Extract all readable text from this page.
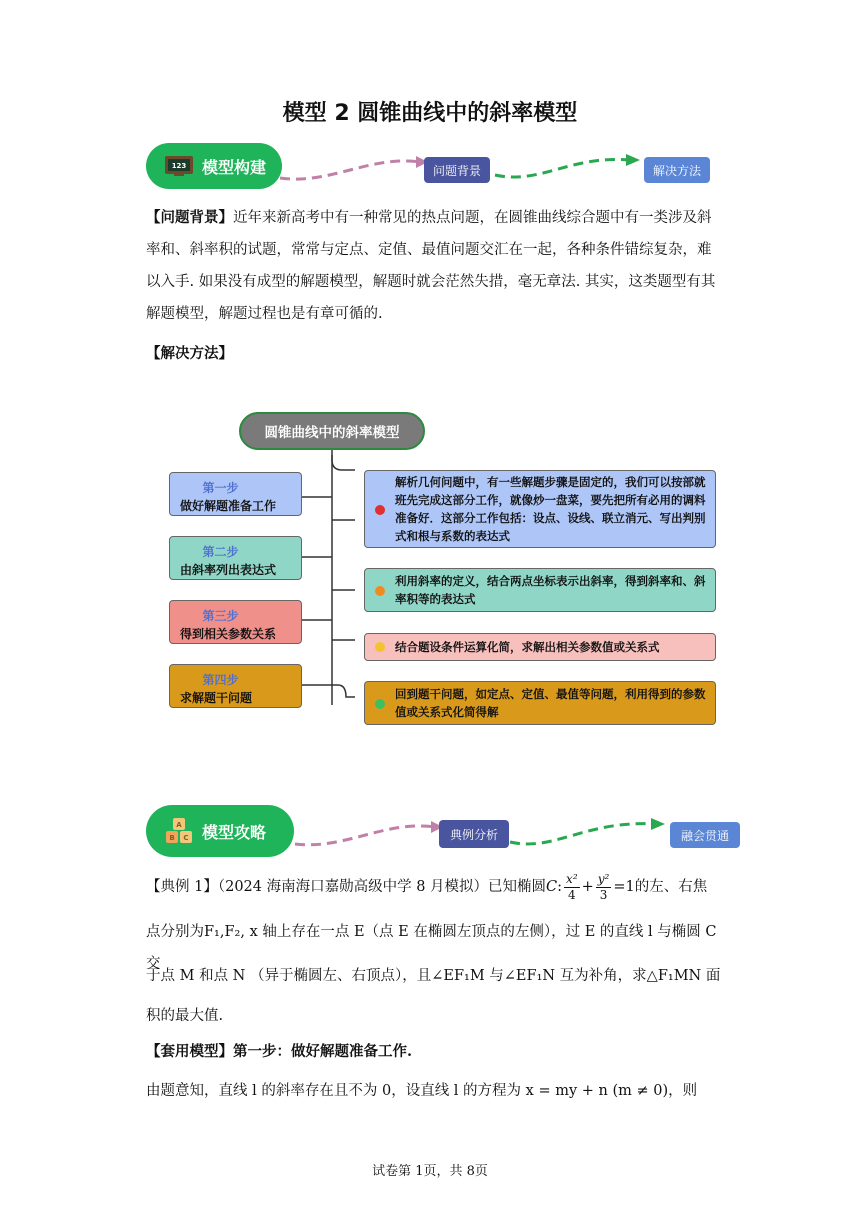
模型 2 圆锥曲线中的斜率模型
123 模型构建	问题背景	解决方法
【问题背景】近年来新高考中有一种常见的热点问题，在圆锥曲线综合题中有一类涉及斜率和、斜率积的试题，常常与定点、定值、最值问题交汇在一起，各种条件错综复杂，难以入手. 如果没有成型的解题模型，解题时就会茫然失措，毫无章法. 其实，这类题型有其解题模型，解题过程也是有章可循的.
【解决方法】
圆锥曲线中的斜率模型
第一步
做好解题准备工作
第二步
由斜率列出表达式
第三步
得到相关参数关系
第四步
求解题干问题
解析几何问题中，有一些解题步骤是固定的，我们可以按部就班先完成这部分工作，就像炒一盘菜，要先把所有必用的调料准备好．这部分工作包括：设点、设线、联立消元、写出判别式和根与系数的表达式
利用斜率的定义，结合两点坐标表示出斜率，得到斜率和、斜率积等的表达式
结合题设条件运算化简，求解出相关参数值或关系式
回到题干问题，如定点、定值、最值等问题，利用得到的参数值或关系式化简得解
A
B C 模型攻略	典例分析	融会贯通
【典例 1】（2024 海南海口嘉勋高级中学 8 月模拟）已知椭圆C: $\frac{\text{x²}}{4} + \frac{\text{y²}}{3} =1$的左、右焦
点分别为F₁,F₂, x 轴上存在一点 E（点 E 在椭圆左顶点的左侧），过 E 的直线 l 与椭圆 C 交
于点 M 和点 N （异于椭圆左、右顶点），且∠EF₁M 与∠EF₁N 互为补角，求△F₁MN 面
积的最大值.
【套用模型】第一步：做好解题准备工作.
由题意知，直线 l 的斜率存在且不为 0，设直线 l 的方程为 x = my + n (m ≠ 0)，则
试卷第 1页，共 8页
